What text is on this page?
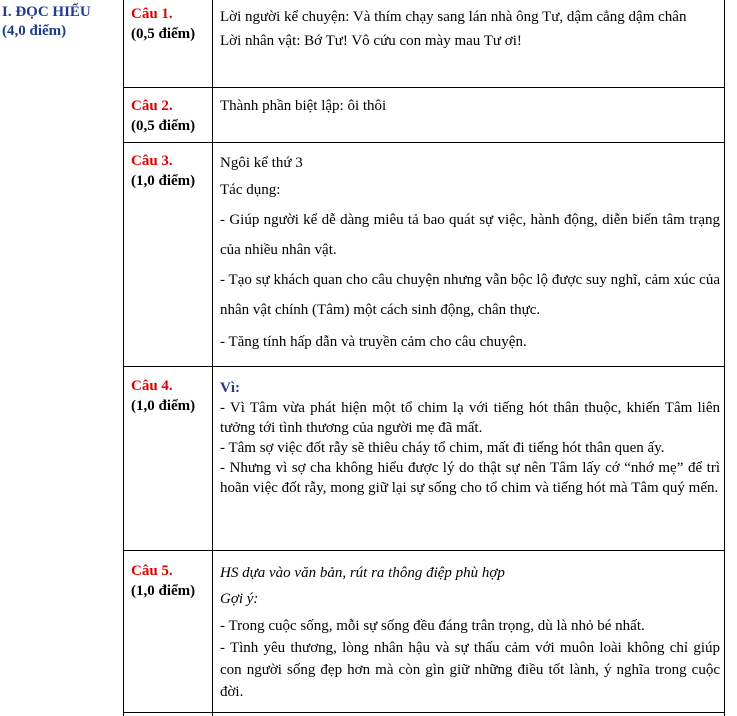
I. ĐỌC HIỂU
(4,0 điểm)
Câu 1.
(0,5 điểm)

Lời người kể chuyện: Và thím chạy sang lán nhà ông Tư, dậm cẳng dậm chân

Lời nhân vật: Bớ Tư! Vô cứu con mày mau Tư ơi!

Câu 2.
(0,5 điểm)

Thành phần biệt lập: ôi thôi

Câu 3.
(1,0 điểm)

Ngôi kể thứ 3

Tác dụng:

- Giúp người kể dễ dàng miêu tả bao quát sự việc, hành động, diễn biến tâm trạng của nhiều nhân vật.

- Tạo sự khách quan cho câu chuyện nhưng vẫn bộc lộ được suy nghĩ, cảm xúc của nhân vật chính (Tâm) một cách sinh động, chân thực.

- Tăng tính hấp dẫn và truyền cảm cho câu chuyện.

Câu 4.
(1,0 điểm)

Vì:

- Vì Tâm vừa phát hiện một tổ chim lạ với tiếng hót thân thuộc, khiến Tâm liên tưởng tới tình thương của người mẹ đã mất.

- Tâm sợ việc đốt rẫy sẽ thiêu cháy tổ chim, mất đi tiếng hót thân quen ấy.

- Nhưng vì sợ cha không hiểu được lý do thật sự nên Tâm lấy cớ “nhớ mẹ” để trì hoãn việc đốt rẫy, mong giữ lại sự sống cho tổ chim và tiếng hót mà Tâm quý mến.

Câu 5.
(1,0 điểm)

HS dựa vào văn bản, rút ra thông điệp phù hợp

Gợi ý:

- Trong cuộc sống, mỗi sự sống đều đáng trân trọng, dù là nhỏ bé nhất.

- Tình yêu thương, lòng nhân hậu và sự thấu cảm với muôn loài không chỉ giúp con người sống đẹp hơn mà còn gìn giữ những điều tốt lành, ý nghĩa trong cuộc đời.
